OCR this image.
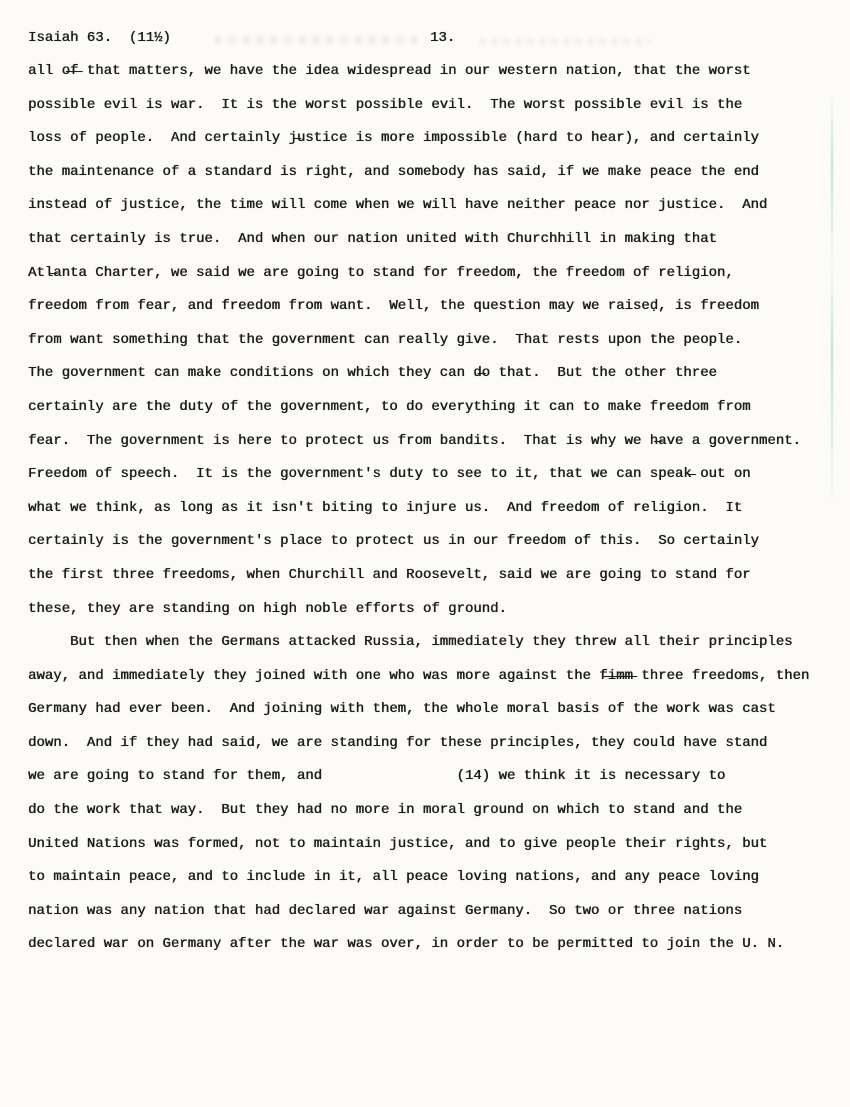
Isaiah 63.  (11½)

	13.

all o̶f̶ that matters, we have the idea widespread in our western nation, that the worst
possible evil is war.  It is the worst possible evil.  The worst possible evil is the
loss of people.  And certainly j̶ustice is more impossible (hard to hear), and certainly
the maintenance of a standard is right, and somebody has said, if we make peace the end
instead of justice, the time will come when we will have neither peace nor justice.  And
that certainly is true.  And when our nation united with Churchhill in making that
Atl̶anta Charter, we said we are going to stand for freedom, the freedom of religion,
freedom from fear, and freedom from want.  Well, the question may we raiseḍ, is freedom
from want something that the government can really give.  That rests upon the people.
The government can make conditions on which they can d̶o that.  But the other three
certainly are the duty of the government, to do everything it can to make freedom from
fear.  The government is here to protect us from bandits.  That is why we h̶ave a government.
Freedom of speech.  It is the government's duty to see to it, that we can speak̶ out on
what we think, as long as it isn't biting to injure us.  And freedom of religion.  It
certainly is the government's place to protect us in our freedom of this.  So certainly
the first three freedoms, when Churchill and Roosevelt, said we are going to stand for
these, they are standing on high noble efforts of ground.
But then when the Germans attacked Russia, immediately they threw all their principles
away, and immediately they joined with one who was more against the f̶i̶m̶m̶ three freedoms, then
Germany had ever been.  And joining with them, the whole moral basis of the work was cast
down.  And if they had said, we are standing for these principles, they could have stand
we are going to stand for them, and                (14) we think it is necessary to
do the work that way.  But they had no more in moral ground on which to stand and the
United Nations was formed, not to maintain justice, and to give people their rights, but
to maintain peace, and to include in it, all peace loving nations, and any peace loving
nation was any nation that had declared war against Germany.  So two or three nations
declared war on Germany after the war was over, in order to be permitted to join the U. N.
